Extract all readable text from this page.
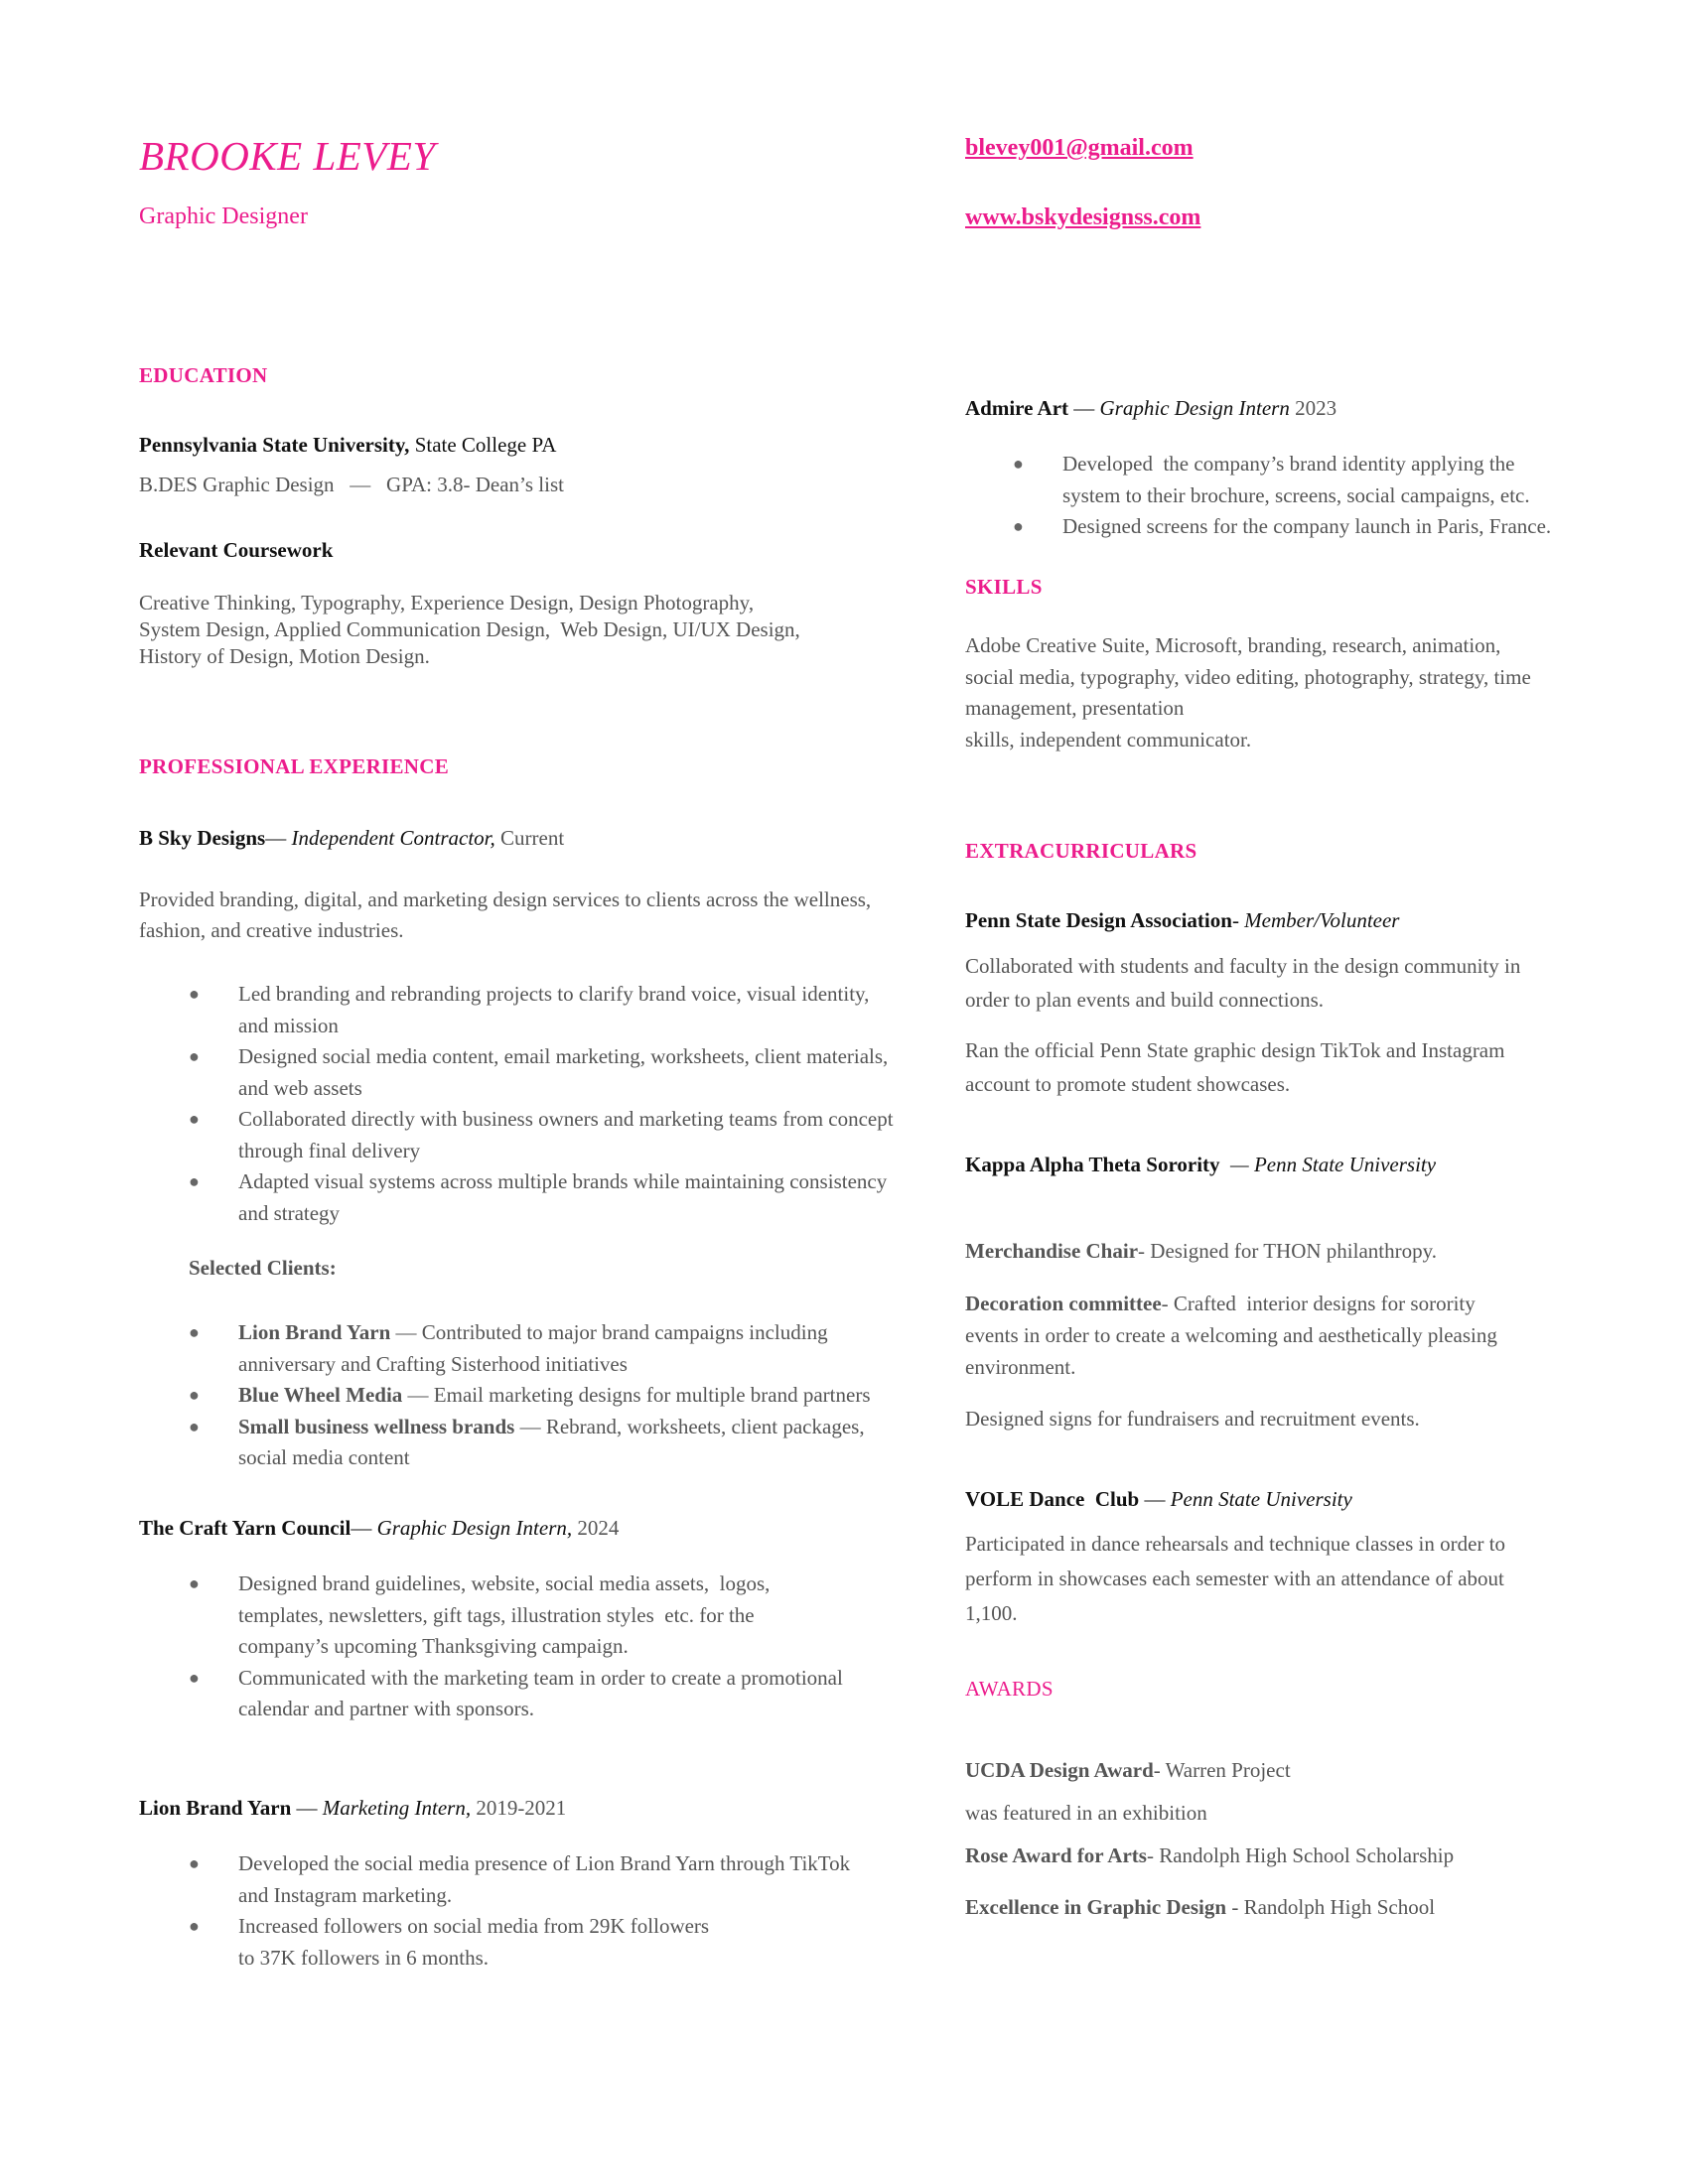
BROOKE LEVEY
Graphic Designer
blevey001@gmail.com
www.bskydesignss.com
EDUCATION
Pennsylvania State University, State College PA
B.DES Graphic Design   —   GPA: 3.8- Dean’s list
Relevant Coursework
Creative Thinking, Typography, Experience Design, Design Photography,
System Design, Applied Communication Design,  Web Design, UI/UX Design,
History of Design, Motion Design.
PROFESSIONAL EXPERIENCE
B Sky Designs— Independent Contractor, Current
Provided branding, digital, and marketing design services to clients across the wellness,
fashion, and creative industries.
● Led branding and rebranding projects to clarify brand voice, visual identity,
and mission
● Designed social media content, email marketing, worksheets, client materials,
and web assets
● Collaborated directly with business owners and marketing teams from concept
through final delivery
● Adapted visual systems across multiple brands while maintaining consistency
and strategy
Selected Clients:
● Lion Brand Yarn — Contributed to major brand campaigns including
anniversary and Crafting Sisterhood initiatives
● Blue Wheel Media — Email marketing designs for multiple brand partners
● Small business wellness brands — Rebrand, worksheets, client packages,
social media content
The Craft Yarn Council— Graphic Design Intern, 2024
● Designed brand guidelines, website, social media assets,  logos,
templates, newsletters, gift tags, illustration styles  etc. for the
company’s upcoming Thanksgiving campaign.
● Communicated with the marketing team in order to create a promotional
calendar and partner with sponsors.
Lion Brand Yarn — Marketing Intern, 2019-2021
● Developed the social media presence of Lion Brand Yarn through TikTok
and Instagram marketing.
● Increased followers on social media from 29K followers
to 37K followers in 6 months.
Admire Art — Graphic Design Intern 2023
● Developed  the company’s brand identity applying the
system to their brochure, screens, social campaigns, etc.
● Designed screens for the company launch in Paris, France.
SKILLS
Adobe Creative Suite, Microsoft, branding, research, animation,
social media, typography, video editing, photography, strategy, time
management, presentation
skills, independent communicator.
EXTRACURRICULARS
Penn State Design Association- Member/Volunteer
Collaborated with students and faculty in the design community in
order to plan events and build connections.
Ran the official Penn State graphic design TikTok and Instagram
account to promote student showcases.
Kappa Alpha Theta Sorority  — Penn State University
Merchandise Chair- Designed for THON philanthropy.
Decoration committee- Crafted  interior designs for sorority
events in order to create a welcoming and aesthetically pleasing
environment.
Designed signs for fundraisers and recruitment events.
VOLE Dance  Club — Penn State University
Participated in dance rehearsals and technique classes in order to
perform in showcases each semester with an attendance of about
1,100.
AWARDS
UCDA Design Award- Warren Project
was featured in an exhibition
Rose Award for Arts- Randolph High School Scholarship
Excellence in Graphic Design - Randolph High School
